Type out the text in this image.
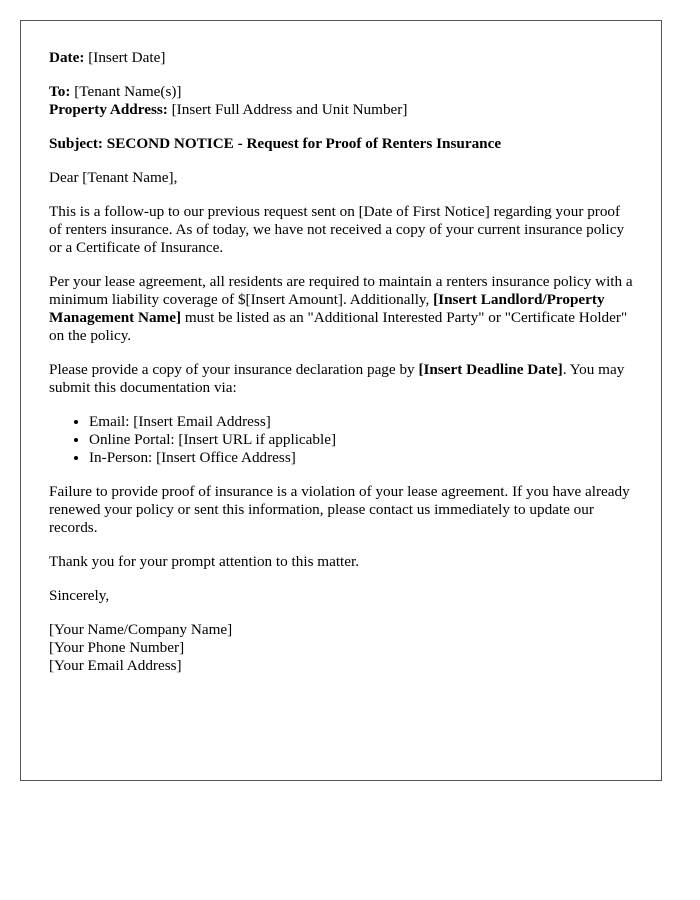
Date: [Insert Date]

To: [Tenant Name(s)]
Property Address: [Insert Full Address and Unit Number]

Subject: SECOND NOTICE - Request for Proof of Renters Insurance

Dear [Tenant Name],

This is a follow-up to our previous request sent on [Date of First Notice] regarding your proof of renters insurance. As of today, we have not received a copy of your current insurance policy or a Certificate of Insurance.

Per your lease agreement, all residents are required to maintain a renters insurance policy with a minimum liability coverage of $[Insert Amount]. Additionally, [Insert Landlord/Property Management Name] must be listed as an "Additional Interested Party" or "Certificate Holder" on the policy.

Please provide a copy of your insurance declaration page by [Insert Deadline Date]. You may submit this documentation via:

• Email: [Insert Email Address]
• Online Portal: [Insert URL if applicable]
• In-Person: [Insert Office Address]

Failure to provide proof of insurance is a violation of your lease agreement. If you have already renewed your policy or sent this information, please contact us immediately to update our records.

Thank you for your prompt attention to this matter.

Sincerely,

[Your Name/Company Name]
[Your Phone Number]
[Your Email Address]
